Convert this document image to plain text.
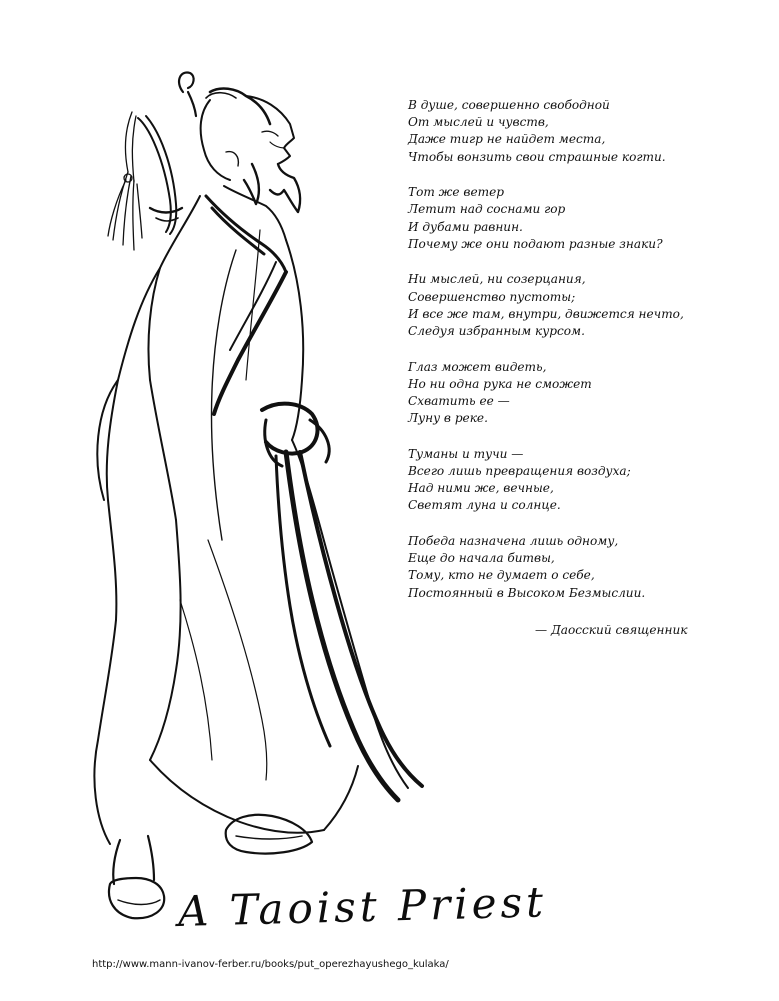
В душе, совершенно свободной
От мыслей и чувств,
Даже тигр не найдет места,
Чтобы вонзить свои страшные когти.
Тот же ветер
Летит над соснами гор
И дубами равнин.
Почему же они подают разные знаки?
Ни мыслей, ни созерцания,
Совершенство пустоты;
И все же там, внутри, движется нечто,
Следуя избранным курсом.
Глаз может видеть,
Но ни одна рука не сможет
Схватить ее —
Луну в реке.
Туманы и тучи —
Всего лишь превращения воздуха;
Над ними же, вечные,
Светят луна и солнце.
Победа назначена лишь одному,
Еще до начала битвы,
Тому, кто не думает о себе,
Постоянный в Высоком Безмыслии.
— Даосский священник
A Taoist Priest
http://www.mann-ivanov-ferber.ru/books/put_operezhayushego_kulaka/
